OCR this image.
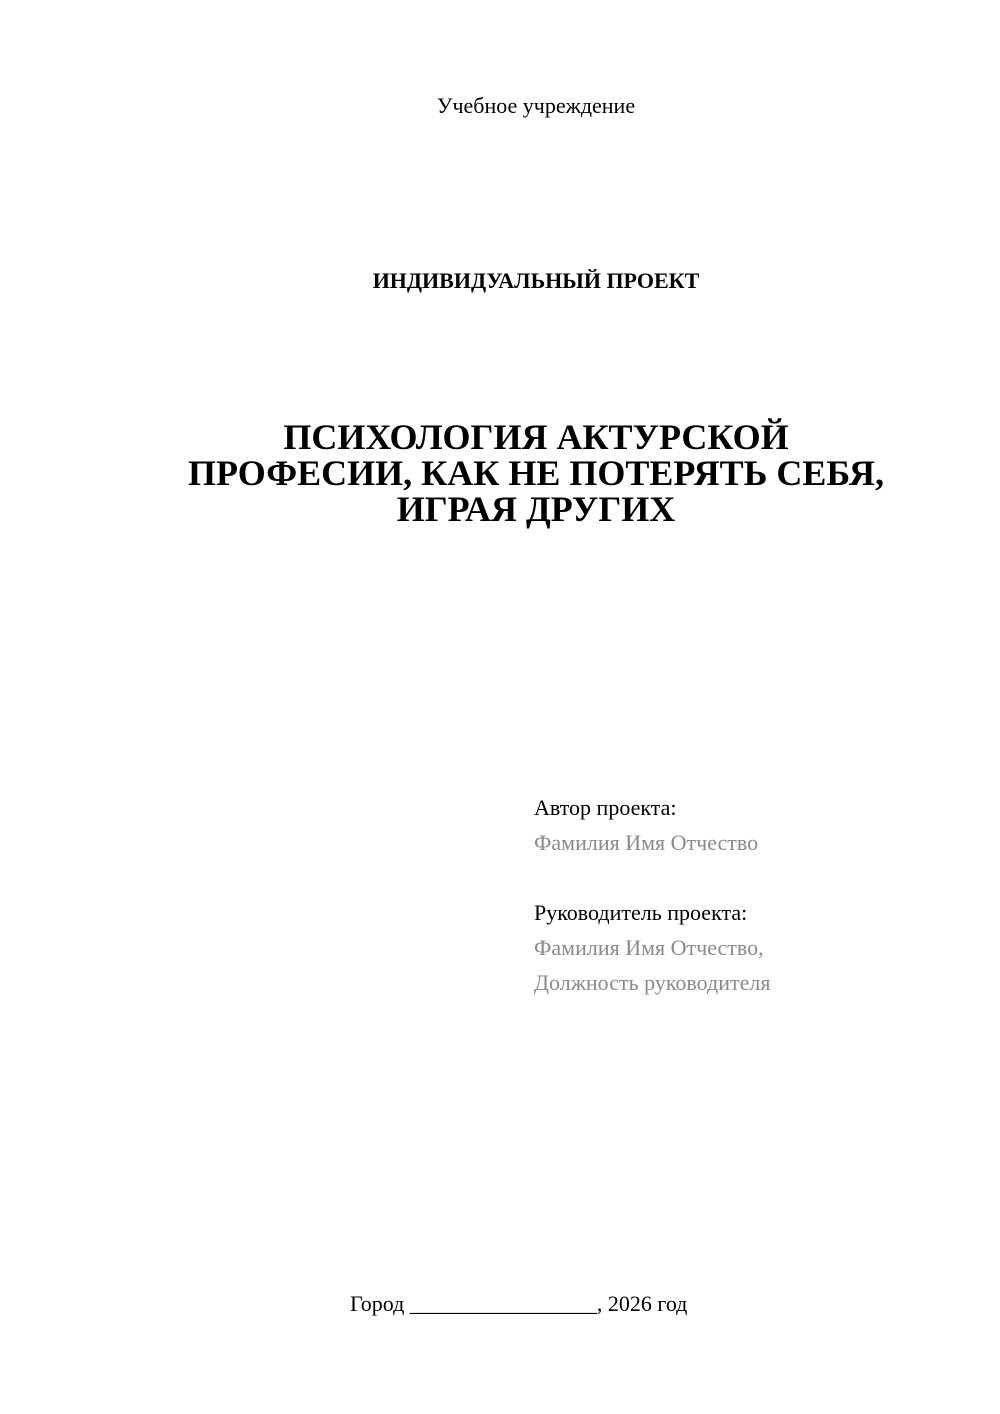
Учебное учреждение
ИНДИВИДУАЛЬНЫЙ ПРОЕКТ
ПСИХОЛОГИЯ АКТУРСКОЙ
ПРОФЕСИИ, КАК НЕ ПОТЕРЯТЬ СЕБЯ,
ИГРАЯ ДРУГИХ
Автор проекта:
Фамилия Имя Отчество
Руководитель проекта:
Фамилия Имя Отчество,
Должность руководителя
Город _________________, 2026 год
